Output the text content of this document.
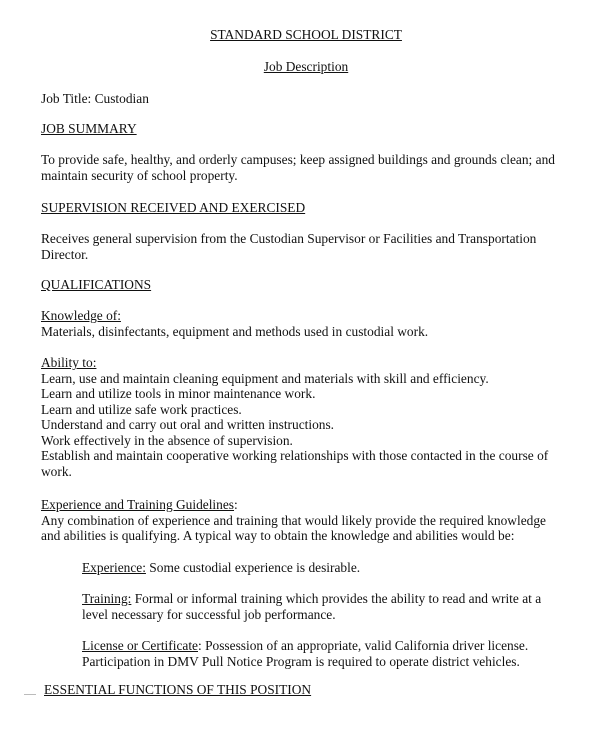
STANDARD SCHOOL DISTRICT
Job Description
Job Title: Custodian
JOB SUMMARY
To provide safe, healthy, and orderly campuses; keep assigned buildings and grounds clean; and
maintain security of school property.
SUPERVISION RECEIVED AND EXERCISED
Receives general supervision from the Custodian Supervisor or Facilities and Transportation
Director.
QUALIFICATIONS
Knowledge of:
Materials, disinfectants, equipment and methods used in custodial work.
Ability to:
Learn, use and maintain cleaning equipment and materials with skill and efficiency.
Learn and utilize tools in minor maintenance work.
Learn and utilize safe work practices.
Understand and carry out oral and written instructions.
Work effectively in the absence of supervision.
Establish and maintain cooperative working relationships with those contacted in the course of
work.
Experience and Training Guidelines:
Any combination of experience and training that would likely provide the required knowledge
and abilities is qualifying. A typical way to obtain the knowledge and abilities would be:
Experience: Some custodial experience is desirable.
Training: Formal or informal training which provides the ability to read and write at a
level necessary for successful job performance.
License or Certificate: Possession of an appropriate, valid California driver license.
Participation in DMV Pull Notice Program is required to operate district vehicles.
ESSENTIAL FUNCTIONS OF THIS POSITION
